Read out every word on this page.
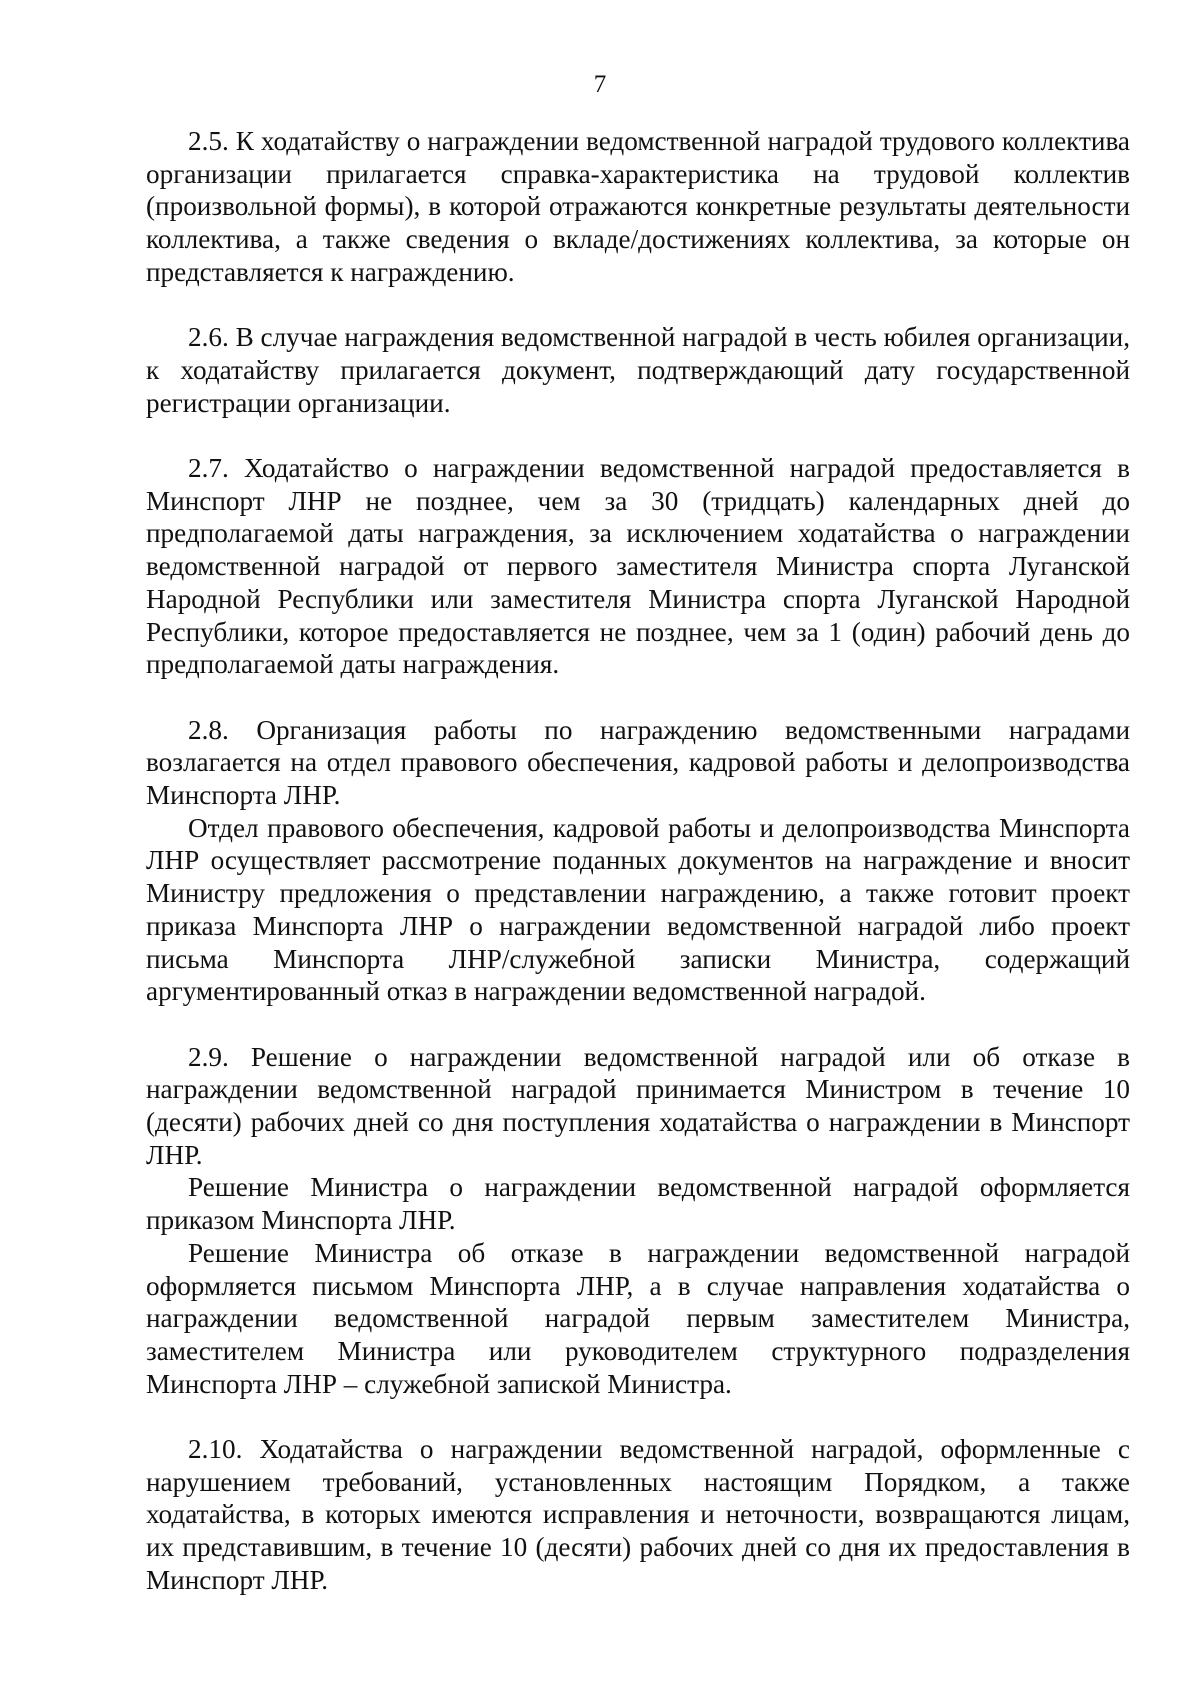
7

2.5. К ходатайству о награждении ведомственной наградой трудового коллектива организации прилагается справка-характеристика на трудовой коллектив (произвольной формы), в которой отражаются конкретные результаты деятельности коллектива, а также сведения о вкладе/достижениях коллектива, за которые он представляется к награждению.

2.6. В случае награждения ведомственной наградой в честь юбилея организации, к ходатайству прилагается документ, подтверждающий дату государственной регистрации организации.

2.7. Ходатайство о награждении ведомственной наградой предоставляется в Минспорт ЛНР не позднее, чем за 30 (тридцать) календарных дней до предполагаемой даты награждения, за исключением ходатайства о награждении ведомственной наградой от первого заместителя Министра спорта Луганской Народной Республики или заместителя Министра спорта Луганской Народной Республики, которое предоставляется не позднее, чем за 1 (один) рабочий день до предполагаемой даты награждения.

2.8. Организация работы по награждению ведомственными наградами возлагается на отдел правового обеспечения, кадровой работы и делопроизводства Минспорта ЛНР.

Отдел правового обеспечения, кадровой работы и делопроизводства Минспорта ЛНР осуществляет рассмотрение поданных документов на награждение и вносит Министру предложения о представлении награждению, а также готовит проект приказа Минспорта ЛНР о награждении ведомственной наградой либо проект письма Минспорта ЛНР/служебной записки Министра, содержащий аргументированный отказ в награждении ведомственной наградой.

2.9. Решение о награждении ведомственной наградой или об отказе в награждении ведомственной наградой принимается Министром в течение 10 (десяти) рабочих дней со дня поступления ходатайства о награждении в Минспорт ЛНР.

Решение Министра о награждении ведомственной наградой оформляется приказом Минспорта ЛНР.

Решение Министра об отказе в награждении ведомственной наградой оформляется письмом Минспорта ЛНР, а в случае направления ходатайства о награждении ведомственной наградой первым заместителем Министра, заместителем Министра или руководителем структурного подразделения Минспорта ЛНР – служебной запиской Министра.

2.10. Ходатайства о награждении ведомственной наградой, оформленные с нарушением требований, установленных настоящим Порядком, а также ходатайства, в которых имеются исправления и неточности, возвращаются лицам, их представившим, в течение 10 (десяти) рабочих дней со дня их предоставления в Минспорт ЛНР.
